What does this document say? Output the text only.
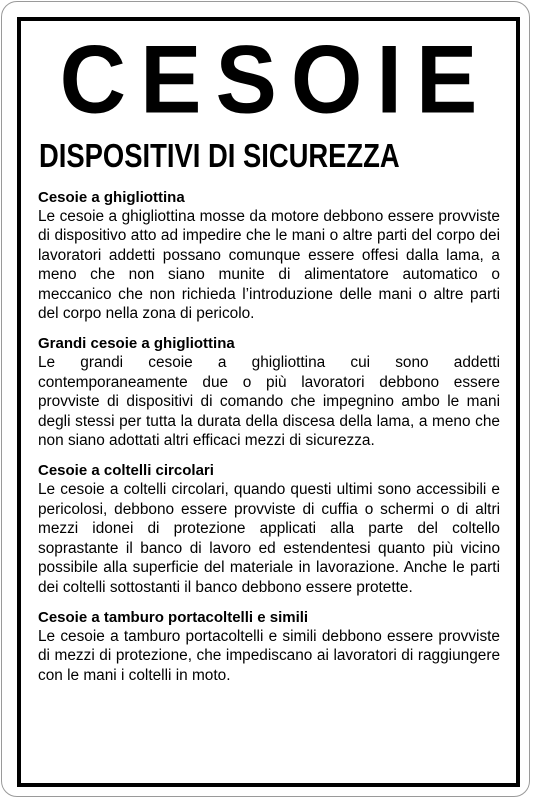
CESOIE
DISPOSITIVI DI SICUREZZA

Cesoie a ghigliottina

Le cesoie a ghigliottina mosse da motore debbono essere provviste di dispositivo atto ad impedire che le mani o altre parti del corpo dei lavoratori addetti possano comunque essere offesi dalla lama, a meno che non siano munite di alimentatore automatico o meccanico che non richieda l’introduzione delle mani o altre parti del corpo nella zona di pericolo.

Grandi cesoie a ghigliottina

Le grandi cesoie a ghigliottina cui sono addetti contemporaneamente due o più lavoratori debbono essere provviste di dispositivi di comando che impegnino ambo le mani degli stessi per tutta la durata della discesa della lama, a meno che non siano adottati altri efficaci mezzi di sicurezza.

Cesoie a coltelli circolari

Le cesoie a coltelli circolari, quando questi ultimi sono accessibili e pericolosi, debbono essere provviste di cuffia o schermi o di altri mezzi idonei di protezione applicati alla parte del coltello soprastante il banco di lavoro ed estendentesi quanto più vicino possibile alla superficie del materiale in lavorazione. Anche le parti dei coltelli sottostanti il banco debbono essere protette.

Cesoie a tamburo portacoltelli e simili

Le cesoie a tamburo portacoltelli e simili debbono essere provviste di mezzi di protezione, che impediscano ai lavoratori di raggiungere con le mani i coltelli in moto.
